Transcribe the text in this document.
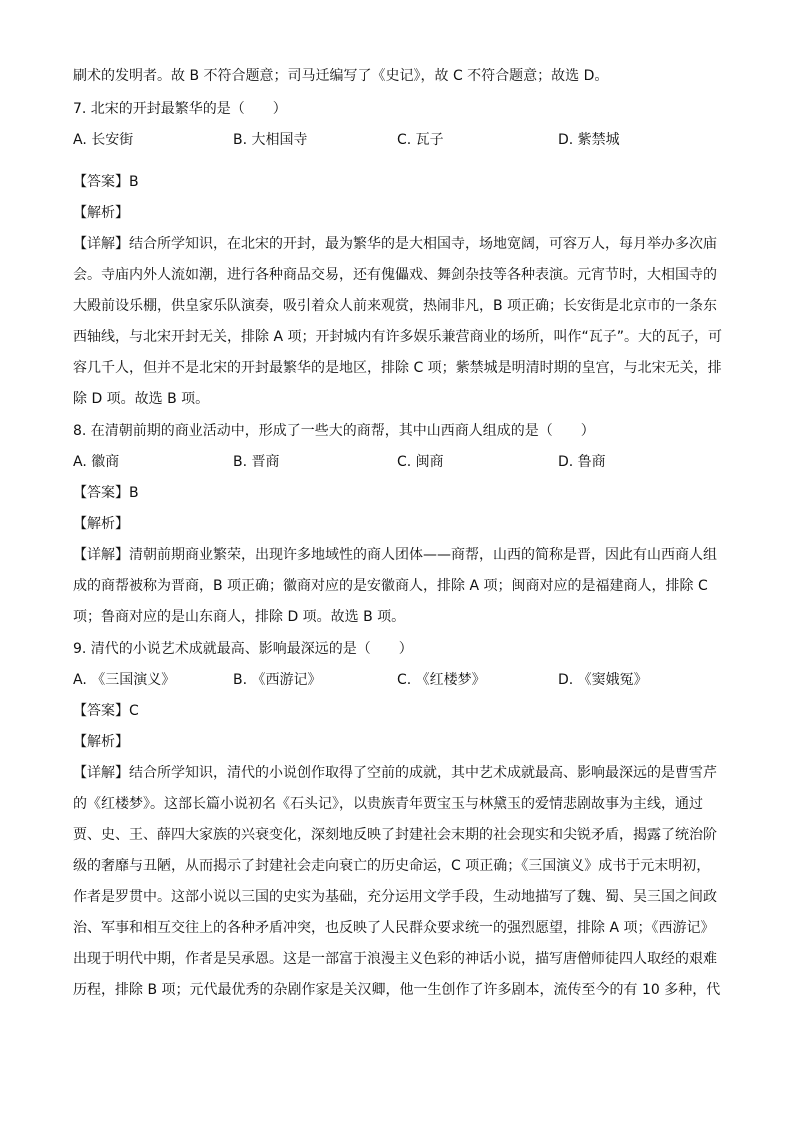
刷术的发明者。故 B 不符合题意；司马迁编写了《史记》，故 C 不符合题意；故选 D。
7. 北宋的开封最繁华的是（　　）
A. 长安街	B. 大相国寺	C. 瓦子	D. 紫禁城
【答案】B
【解析】
【详解】结合所学知识，在北宋的开封，最为繁华的是大相国寺，场地宽阔，可容万人，每月举办多次庙
会。寺庙内外人流如潮，进行各种商品交易，还有傀儡戏、舞剑杂技等各种表演。元宵节时，大相国寺的
大殿前设乐棚，供皇家乐队演奏，吸引着众人前来观赏，热闹非凡，B 项正确；长安街是北京市的一条东
西轴线，与北宋开封无关，排除 A 项；开封城内有许多娱乐兼营商业的场所，叫作“瓦子”。大的瓦子，可
容几千人，但并不是北宋的开封最繁华的是地区，排除 C 项；紫禁城是明清时期的皇宫，与北宋无关，排
除 D 项。故选 B 项。
8. 在清朝前期的商业活动中，形成了一些大的商帮，其中山西商人组成的是（　　）
A. 徽商	B. 晋商	C. 闽商	D. 鲁商
【答案】B
【解析】
【详解】清朝前期商业繁荣，出现许多地域性的商人团体——商帮，山西的简称是晋，因此有山西商人组
成的商帮被称为晋商，B 项正确；徽商对应的是安徽商人，排除 A 项；闽商对应的是福建商人，排除 C
项；鲁商对应的是山东商人，排除 D 项。故选 B 项。
9. 清代的小说艺术成就最高、影响最深远的是（　　）
A. 《三国演义》	B. 《西游记》	C. 《红楼梦》	D. 《窦娥冤》
【答案】C
【解析】
【详解】结合所学知识，清代的小说创作取得了空前的成就，其中艺术成就最高、影响最深远的是曹雪芹
的《红楼梦》。这部长篇小说初名《石头记》，以贵族青年贾宝玉与林黛玉的爱情悲剧故事为主线，通过
贾、史、王、薛四大家族的兴衰变化，深刻地反映了封建社会末期的社会现实和尖锐矛盾，揭露了统治阶
级的奢靡与丑陋，从而揭示了封建社会走向衰亡的历史命运，C 项正确；《三国演义》成书于元末明初，
作者是罗贯中。这部小说以三国的史实为基础，充分运用文学手段，生动地描写了魏、蜀、吴三国之间政
治、军事和相互交往上的各种矛盾冲突，也反映了人民群众要求统一的强烈愿望，排除 A 项；《西游记》
出现于明代中期，作者是吴承恩。这是一部富于浪漫主义色彩的神话小说，描写唐僧师徒四人取经的艰难
历程，排除 B 项；元代最优秀的杂剧作家是关汉卿，他一生创作了许多剧本，流传至今的有 10 多种，代
